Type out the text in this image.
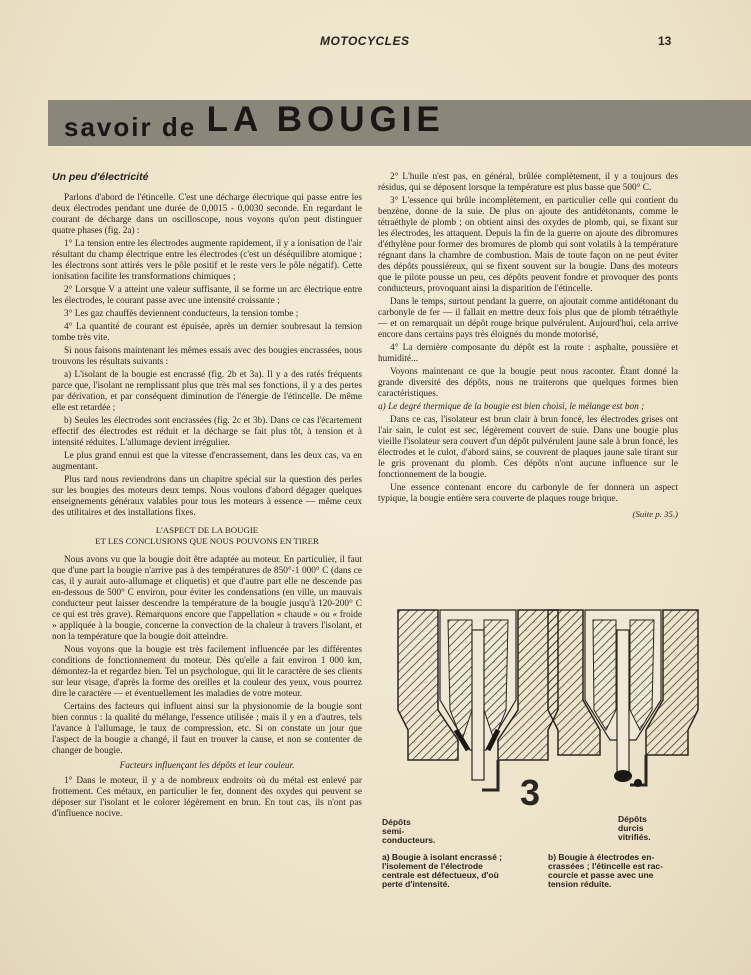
MOTOCYCLES	13
savoir de LA BOUGIE
Un peu d'électricité

Parlons d'abord de l'étincelle. C'est une décharge électrique qui passe entre les deux électrodes pendant une durée de 0,0015 - 0,0030 seconde. En regardant le courant de décharge dans un oscilloscope, nous voyons qu'on peut distinguer quatre phases (fig. 2a) :

1° La tension entre les électrodes augmente rapidement, il y a ionisation de l'air résultant du champ électrique entre les électrodes (c'est un déséquilibre atomique ; les électrons sont attirés vers le pôle positif et le reste vers le pôle négatif). Cette ionisation facilite les transformations chimiques ;

2° Lorsque V a atteint une valeur suffisante, il se forme un arc électrique entre les électrodes, le courant passe avec une intensité croissante ;

3° Les gaz chauffés deviennent conducteurs, la tension tombe ;

4° La quantité de courant est épuisée, après un dernier soubresaut la tension tombe très vite.

Si nous faisons maintenant les mêmes essais avec des bougies encrassées, nous trouvons les résultats suivants :

a) L'isolant de la bougie est encrassé (fig. 2b et 3a). Il y a des ratés fréquents parce que, l'isolant ne remplissant plus que très mal ses fonctions, il y a des pertes par dérivation, et par conséquent diminution de l'énergie de l'étincelle. De même elle est retardée ;

b) Seules les électrodes sont encrassées (fig. 2c et 3b). Dans ce cas l'écartement effectif des électrodes est réduit et la décharge se fait plus tôt, à tension et à intensité réduites. L'allumage devient irrégulier.

Le plus grand ennui est que la vitesse d'encrassement, dans les deux cas, va en augmentant.

Plus tard nous reviendrons dans un chapitre spécial sur la question des perles sur les bougies des moteurs deux temps. Nous voulons d'abord dégager quelques enseignements généraux valables pour tous les moteurs à essence — même ceux des utilitaires et des installations fixes.

L'ASPECT DE LA BOUGIE
ET LES CONCLUSIONS QUE NOUS POUVONS EN TIRER

Nous avons vu que la bougie doit être adaptée au moteur. En particulier, il faut que d'une part la bougie n'arrive pas à des températures de 850°-1 000° C (dans ce cas, il y aurait auto-allumage et cliquetis) et que d'autre part elle ne descende pas en-dessous de 500° C environ, pour éviter les condensations (en ville, un mauvais conducteur peut laisser descendre la température de la bougie jusqu'à 120-200° C ce qui est très grave). Remarquons encore que l'appellation « chaude » ou « froide » appliquée à la bougie, concerne la convection de la chaleur à travers l'isolant, et non la température que la bougie doit atteindre.

Nous voyons que la bougie est très facilement influencée par les différentes conditions de fonctionnement du moteur. Dès qu'elle a fait environ 1 000 km, démontez-la et regardez bien. Tel un psychologue, qui lit le caractère de ses clients sur leur visage, d'après la forme des oreilles et la couleur des yeux, vous pourrez dire le caractère — et éventuellement les maladies de votre moteur.

Certains des facteurs qui influent ainsi sur la physionomie de la bougie sont bien connus : la qualité du mélange, l'essence utilisée ; mais il y en a d'autres, tels l'avance à l'allumage, le taux de compression, etc. Si on constate un jour que l'aspect de la bougie a changé, il faut en trouver la cause, et non se contenter de changer de bougie.

Facteurs influençant les dépôts et leur couleur.

1° Dans le moteur, il y a de nombreux endroits où du métal est enlevé par frottement. Ces métaux, en particulier le fer, donnent des oxydes qui peuvent se déposer sur l'isolant et le colorer légèrement en brun. En tout cas, ils n'ont pas d'influence nocive.

2° L'huile n'est pas, en général, brûlée complètement, il y a toujours des résidus, qui se déposent lorsque la température est plus basse que 500° C.

3° L'essence qui brûle incomplètement, en particulier celle qui contient du benzène, donne de la suie. De plus on ajoute des antidétonants, comme le tétraéthyle de plomb ; on obtient ainsi des oxydes de plomb, qui, se fixant sur les électrodes, les attaquent. Depuis la fin de la guerre on ajoute des dibromures d'éthylène pour former des bromures de plomb qui sont volatils à la température régnant dans la chambre de combustion. Mais de toute façon on ne peut éviter des dépôts poussiéreux, qui se fixent souvent sur la bougie. Dans des moteurs que le pilote pousse un peu, ces dépôts peuvent fondre et provoquer des ponts conducteurs, provoquant ainsi la disparition de l'étincelle.

Dans le temps, surtout pendant la guerre, on ajoutait comme antidétonant du carbonyle de fer — il fallait en mettre deux fois plus que de plomb tétraéthyle — et on remarquait un dépôt rouge brique pulvérulent. Aujourd'hui, cela arrive encore dans certains pays très éloignés du monde motorisé,

4° La dernière composante du dépôt est la route : asphalte, poussière et humidité...

Voyons maintenant ce que la bougie peut nous raconter. Étant donné la grande diversité des dépôts, nous ne traiterons que quelques formes bien caractéristiques.

a) Le degré thermique de la bougie est bien choisi, le mélange est bon ;

Dans ce cas, l'isolateur est brun clair à brun foncé, les électrodes grises ont l'air sain, le culot est sec, légèrement couvert de suie. Dans une bougie plus vieille l'isolateur sera couvert d'un dépôt pulvérulent jaune sale à brun foncé, les électrodes et le culot, d'abord sains, se couvrent de plaques jaune sale tirant sur le gris provenant du plomb. Ces dépôts n'ont aucune influence sur le fonctionnement de la bougie.

Une essence contenant encore du carbonyle de fer donnera un aspect typique, la bougie entière sera couverte de plaques rouge brique.

(Suite p. 35.)
3
Dépôts
semi-
conducteurs.
Dépôts
durcis
vitrifiés.
a) Bougie à isolant encrassé ;
l'isolement de l'électrode
centrale est défectueux, d'où
perte d'intensité.
b) Bougie à électrodes en-
crassées ; l'étincelle est rac-
courcie et passe avec une
tension réduite.
